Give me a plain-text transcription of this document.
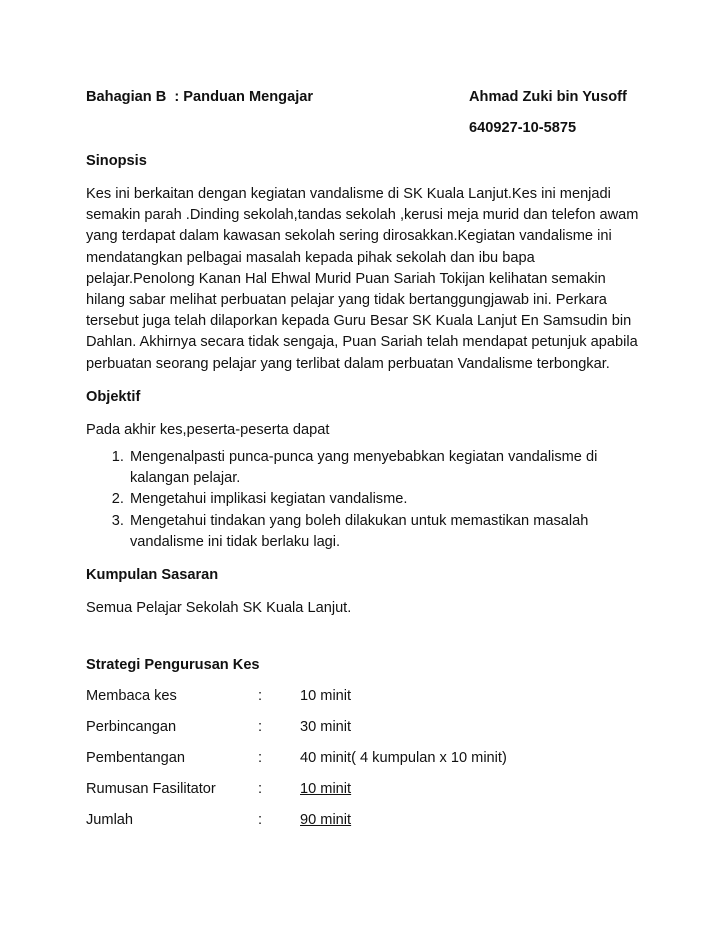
Bahagian B  : Panduan Mengajar	Ahmad Zuki bin Yusoff
640927-10-5875
Sinopsis
Kes ini berkaitan dengan kegiatan vandalisme di SK Kuala Lanjut.Kes ini menjadi semakin parah .Dinding sekolah,tandas sekolah ,kerusi meja murid dan telefon awam yang terdapat dalam kawasan sekolah sering dirosakkan.Kegiatan vandalisme ini mendatangkan pelbagai masalah kepada pihak sekolah dan ibu bapa pelajar.Penolong Kanan Hal Ehwal Murid Puan Sariah Tokijan kelihatan semakin hilang sabar melihat perbuatan pelajar yang tidak bertanggungjawab ini. Perkara tersebut juga telah dilaporkan kepada Guru Besar SK Kuala Lanjut En Samsudin bin Dahlan. Akhirnya secara tidak sengaja, Puan Sariah telah mendapat petunjuk apabila perbuatan seorang pelajar yang terlibat dalam perbuatan Vandalisme terbongkar.
Objektif
Pada akhir kes,peserta-peserta dapat
1. Mengenalpasti punca-punca yang menyebabkan kegiatan vandalisme di kalangan pelajar.
2. Mengetahui implikasi kegiatan vandalisme.
3. Mengetahui tindakan yang boleh dilakukan untuk memastikan masalah vandalisme ini tidak berlaku lagi.
Kumpulan Sasaran
Semua Pelajar Sekolah SK Kuala Lanjut.
Strategi Pengurusan Kes
Membaca kes	:	10 minit
Perbincangan	:	30 minit
Pembentangan	:	40 minit( 4 kumpulan x 10 minit)
Rumusan Fasilitator	:	10 minit
Jumlah	:	90 minit
